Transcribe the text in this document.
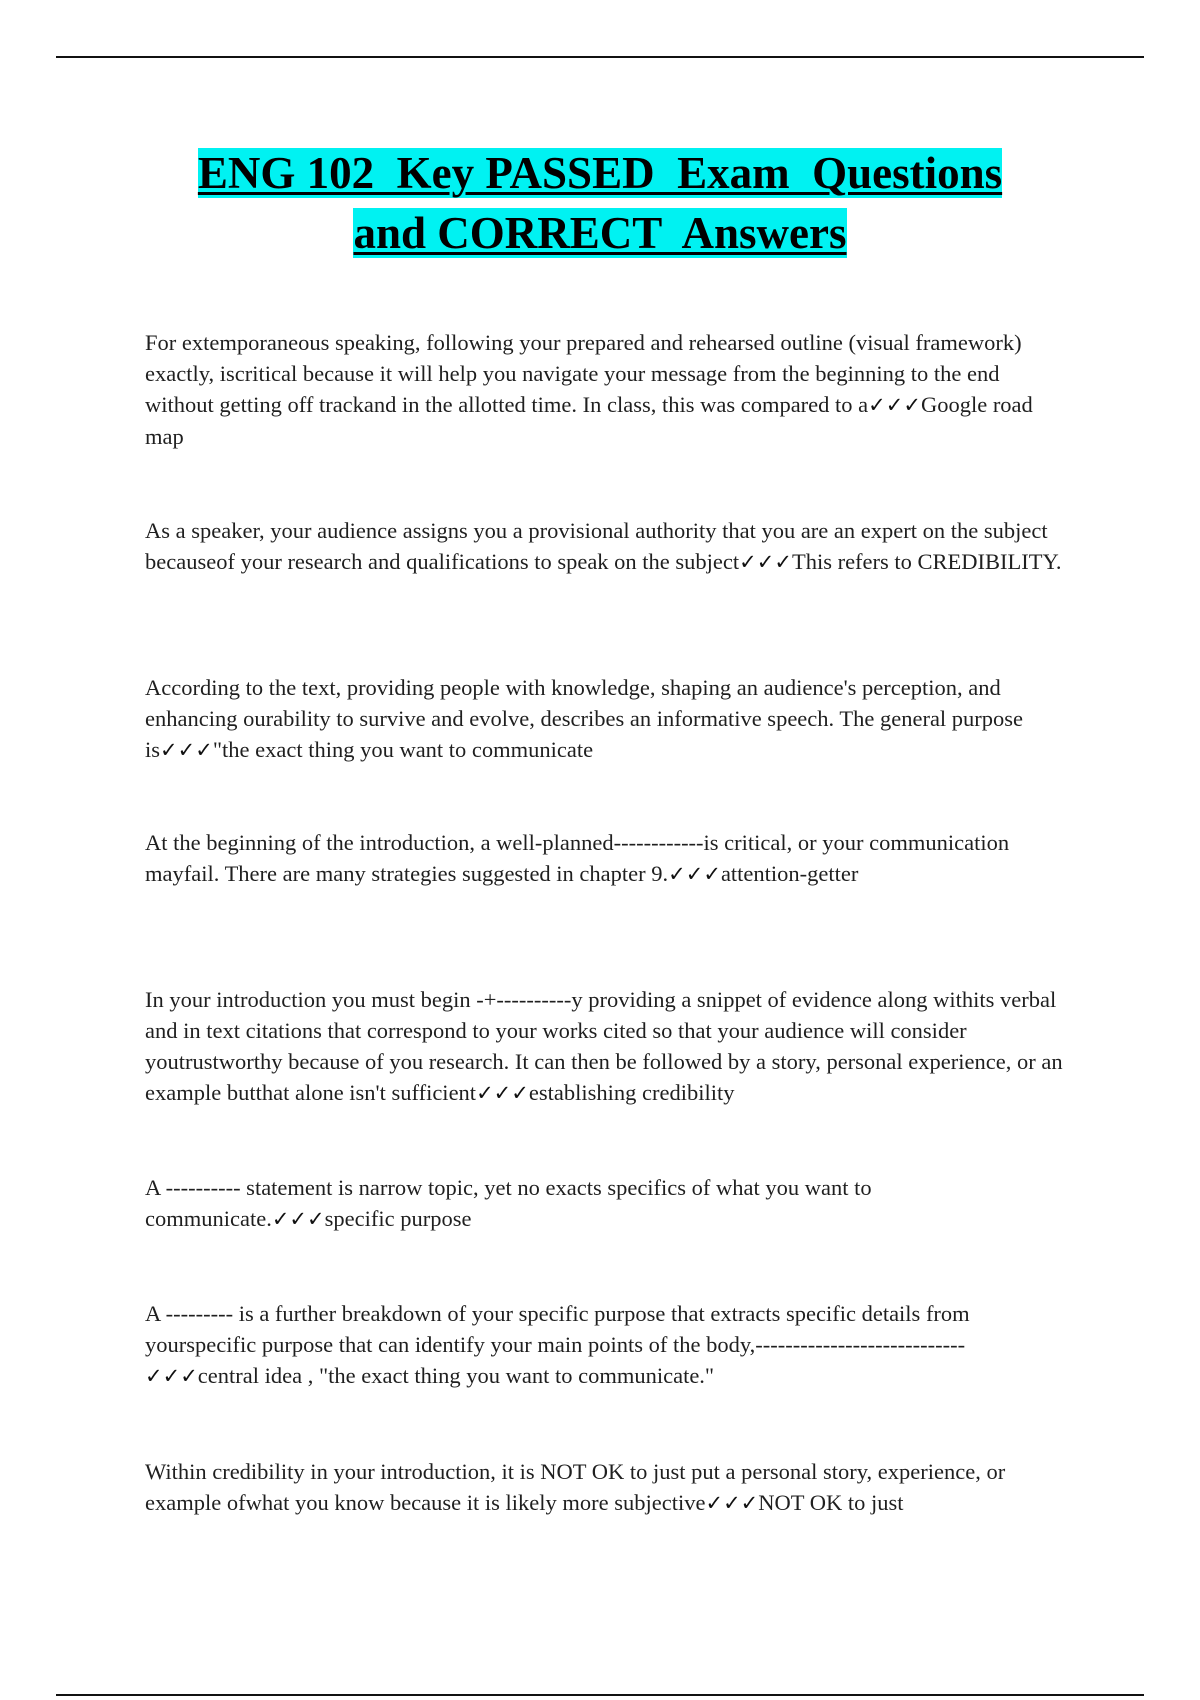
ENG 102  Key PASSED  Exam  Questions
and CORRECT  Answers

For extemporaneous speaking, following your prepared and rehearsed outline (visual framework) exactly, iscritical because it will help you navigate your message from the beginning to the end without getting off trackand in the allotted time. In class, this was compared to a✓✓✓Google road map

As a speaker, your audience assigns you a provisional authority that you are an expert on the subject becauseof your research and qualifications to speak on the subject✓✓✓This refers to CREDIBILITY.

According to the text, providing people with knowledge, shaping an audience's perception, and enhancing ourability to survive and evolve, describes an informative speech. The general purpose is✓✓✓"the exact thing you want to communicate

At the beginning of the introduction, a well-planned------------is critical, or your communication mayfail. There are many strategies suggested in chapter 9.✓✓✓attention-getter

In your introduction you must begin -+----------y providing a snippet of evidence along withits verbal and in text citations that correspond to your works cited so that your audience will consider youtrustworthy because of you research. It can then be followed by a story, personal experience, or an example butthat alone isn't sufficient✓✓✓establishing credibility

A ---------- statement is narrow topic, yet no exacts specifics of what you want to communicate.✓✓✓specific purpose

A --------- is a further breakdown of your specific purpose that extracts specific details from yourspecific purpose that can identify your main points of the body,----------------------------✓✓✓central idea , "the exact thing you want to communicate."

Within credibility in your introduction, it is NOT OK to just put a personal story, experience, or example ofwhat you know because it is likely more subjective✓✓✓NOT OK to just
